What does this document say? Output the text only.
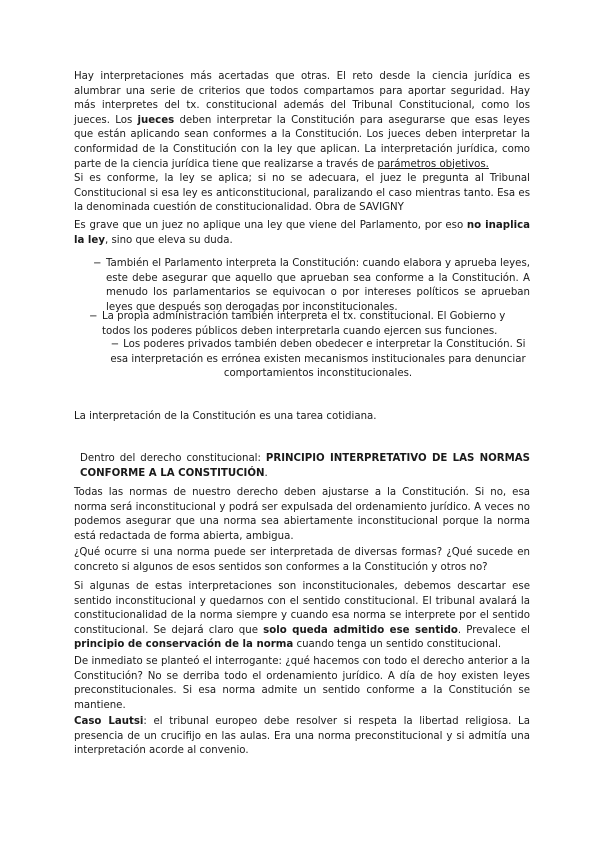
Hay interpretaciones más acertadas que otras. El reto desde la ciencia jurídica es alumbrar una serie de criterios que todos compartamos para aportar seguridad. Hay más interpretes del tx. constitucional además del Tribunal Constitucional, como los jueces. Los jueces deben interpretar la Constitución para asegurarse que esas leyes que están aplicando sean conformes a la Constitución. Los jueces deben interpretar la conformidad de la Constitución con la ley que aplican. La interpretación jurídica, como parte de la ciencia jurídica tiene que realizarse a través de parámetros objetivos.

Si es conforme, la ley se aplica; si no se adecuara, el juez le pregunta al Tribunal Constitucional si esa ley es anticonstitucional, paralizando el caso mientras tanto. Esa es la denominada cuestión de constitucionalidad. Obra de SAVIGNY

Es grave que un juez no aplique una ley que viene del Parlamento, por eso no inaplica la ley, sino que eleva su duda.

− También el Parlamento interpreta la Constitución: cuando elabora y aprueba leyes, este debe asegurar que aquello que aprueban sea conforme a la Constitución. A menudo los parlamentarios se equivocan o por intereses políticos se aprueban leyes que después son derogadas por inconstitucionales.

− La propia administración también interpreta el tx. constitucional. El Gobierno y todos los poderes públicos deben interpretarla cuando ejercen sus funciones.

− Los poderes privados también deben obedecer e interpretar la Constitución. Si esa interpretación es errónea existen mecanismos institucionales para denunciar comportamientos inconstitucionales.

La interpretación de la Constitución es una tarea cotidiana.

Dentro del derecho constitucional: PRINCIPIO INTERPRETATIVO DE LAS NORMAS CONFORME A LA CONSTITUCIÓN.

Todas las normas de nuestro derecho deben ajustarse a la Constitución. Si no, esa norma será inconstitucional y podrá ser expulsada del ordenamiento jurídico. A veces no podemos asegurar que una norma sea abiertamente inconstitucional porque la norma está redactada de forma abierta, ambigua.

¿Qué ocurre si una norma puede ser interpretada de diversas formas? ¿Qué sucede en concreto si algunos de esos sentidos son conformes a la Constitución y otros no?

Si algunas de estas interpretaciones son inconstitucionales, debemos descartar ese sentido inconstitucional y quedarnos con el sentido constitucional. El tribunal avalará la constitucionalidad de la norma siempre y cuando esa norma se interprete por el sentido constitucional. Se dejará claro que solo queda admitido ese sentido. Prevalece el principio de conservación de la norma cuando tenga un sentido constitucional.

De inmediato se planteó el interrogante: ¿qué hacemos con todo el derecho anterior a la Constitución? No se derriba todo el ordenamiento jurídico. A día de hoy existen leyes preconstitucionales. Si esa norma admite un sentido conforme a la Constitución se mantiene.

Caso Lautsi: el tribunal europeo debe resolver si respeta la libertad religiosa. La presencia de un crucifijo en las aulas. Era una norma preconstitucional y si admitía una interpretación acorde al convenio.
